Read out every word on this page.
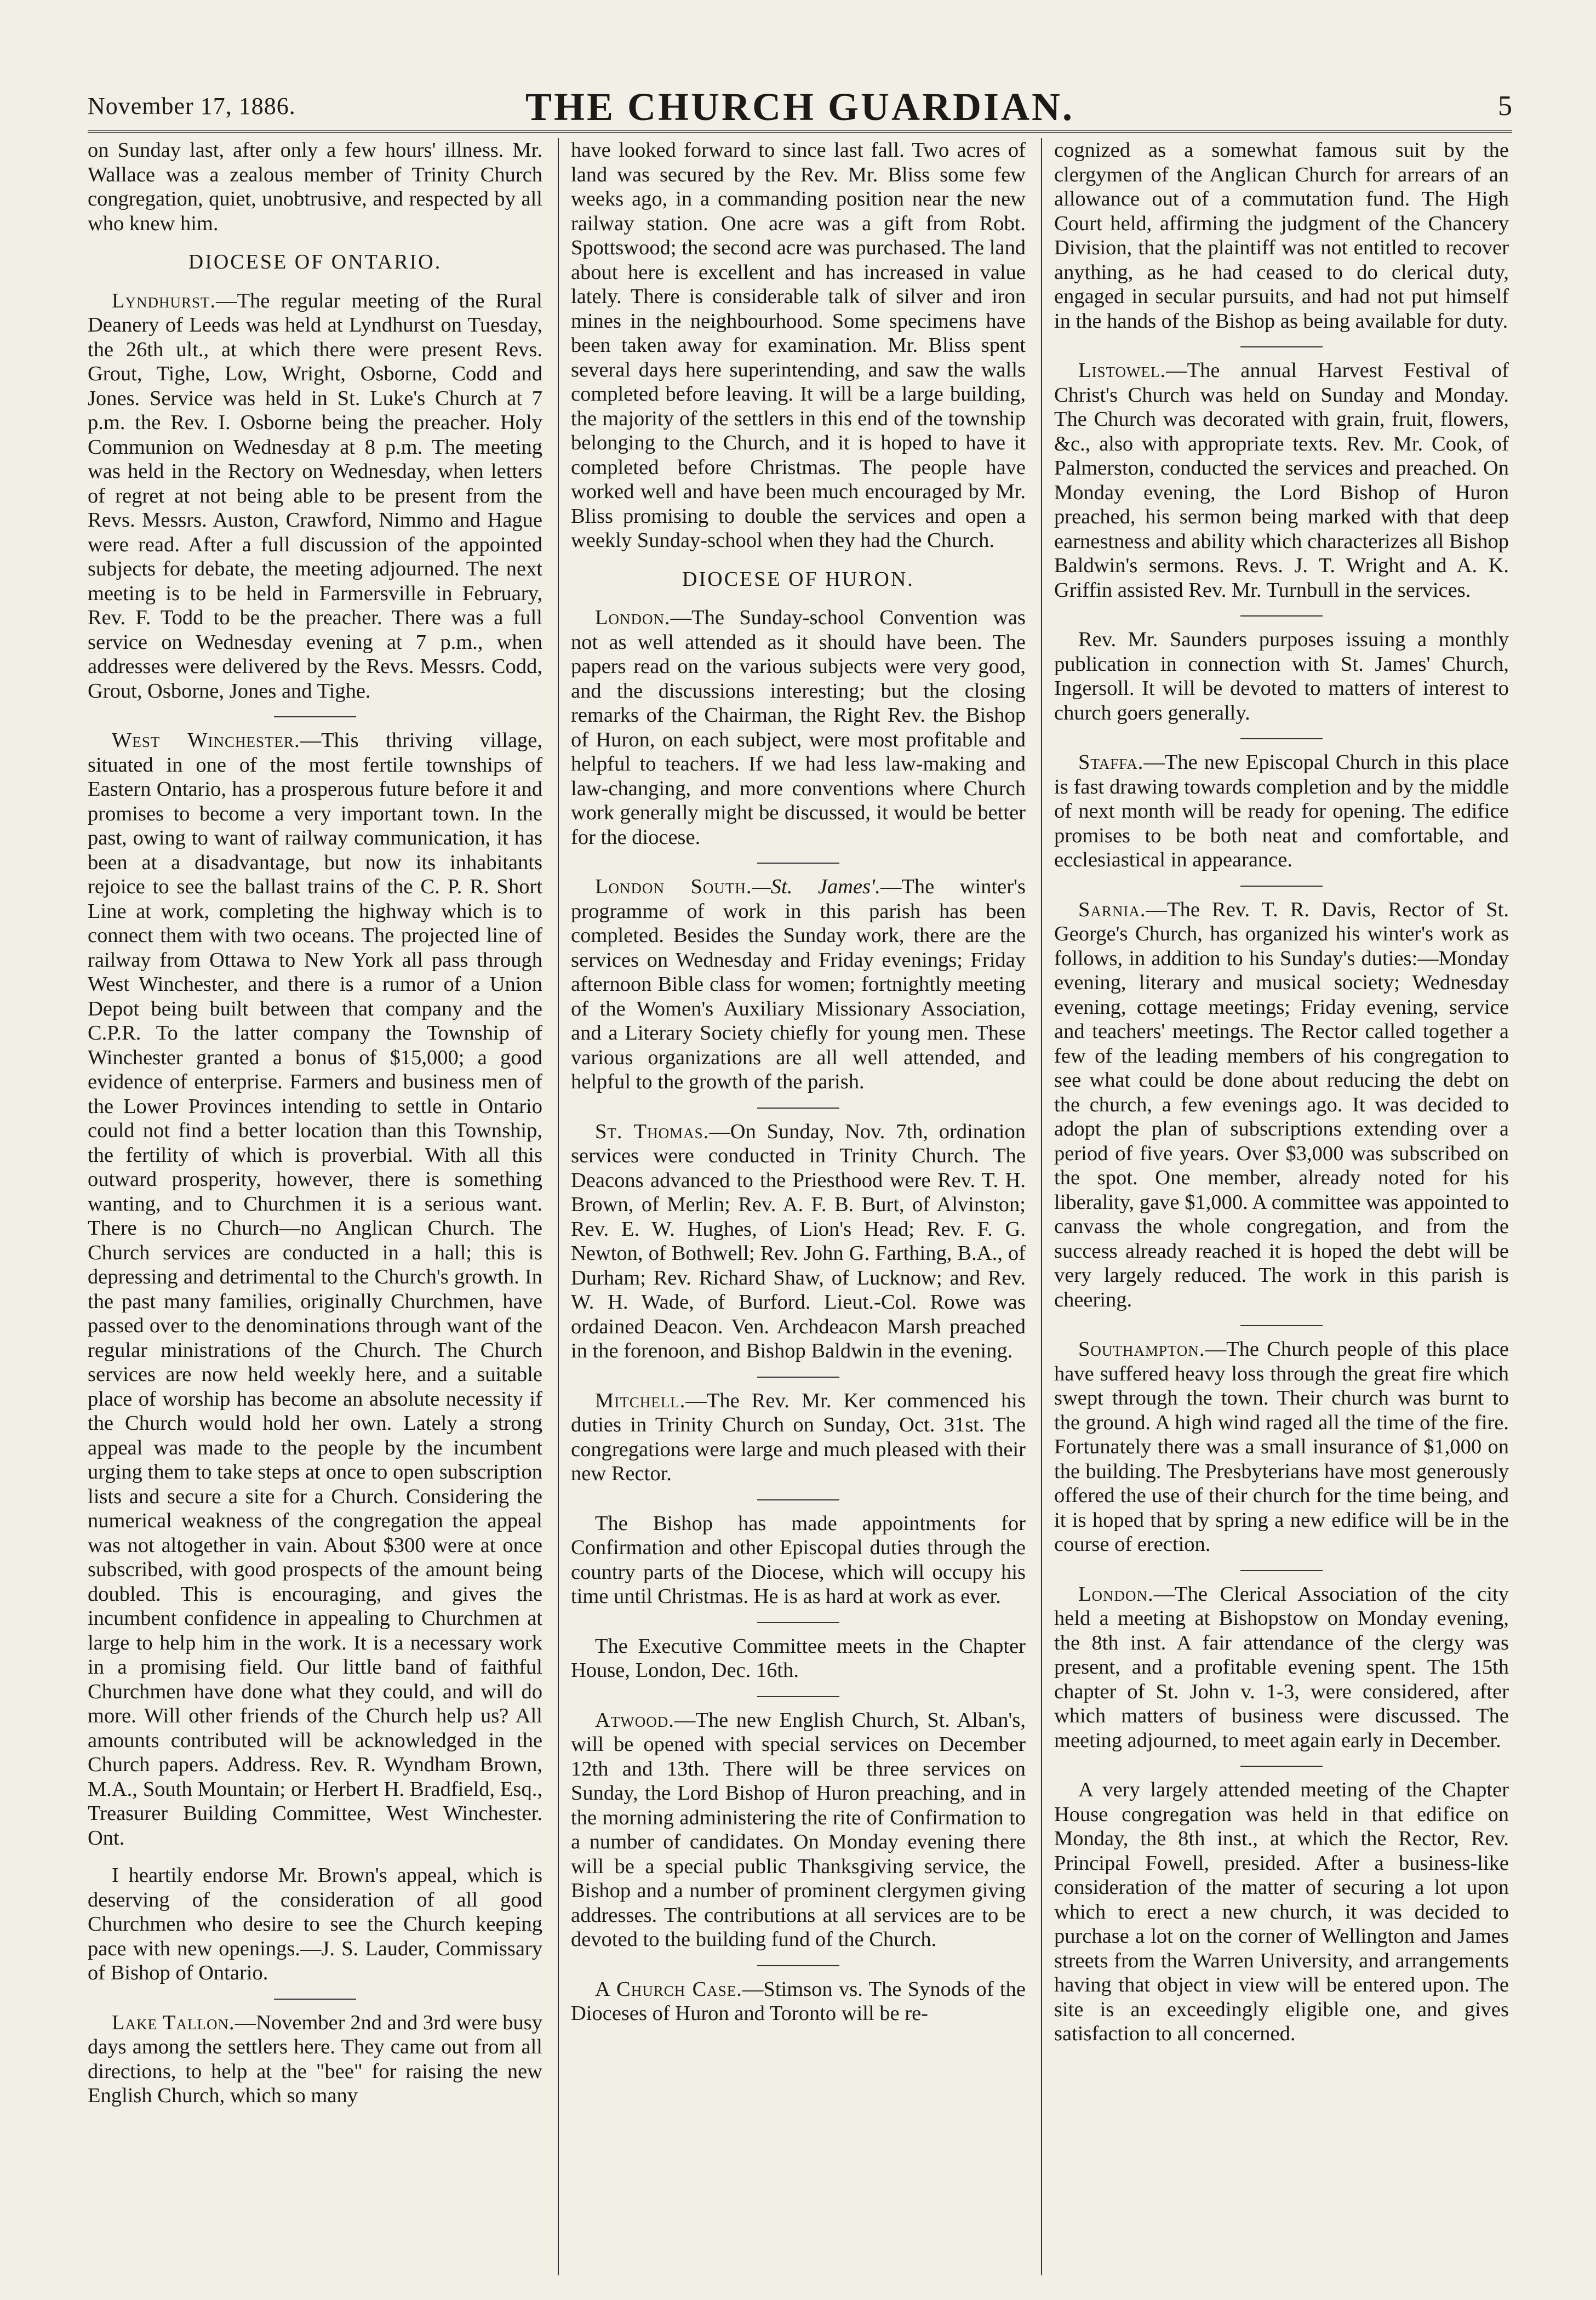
November 17, 1886.	THE CHURCH GUARDIAN.	5

on Sunday last, after only a few hours' illness. Mr. Wallace was a zealous member of Trinity Church congregation, quiet, unobtrusive, and respected by all who knew him.

DIOCESE OF ONTARIO.

Lyndhurst.—The regular meeting of the Rural Deanery of Leeds was held at Lyndhurst on Tuesday, the 26th ult., at which there were present Revs. Grout, Tighe, Low, Wright, Osborne, Codd and Jones. Service was held in St. Luke's Church at 7 p.m. the Rev. I. Osborne being the preacher. Holy Communion on Wednesday at 8 p.m. The meeting was held in the Rectory on Wednesday, when letters of regret at not being able to be present from the Revs. Messrs. Auston, Crawford, Nimmo and Hague were read. After a full discussion of the appointed subjects for debate, the meeting adjourned. The next meeting is to be held in Farmersville in February, Rev. F. Todd to be the preacher. There was a full service on Wednesday evening at 7 p.m., when addresses were delivered by the Revs. Messrs. Codd, Grout, Osborne, Jones and Tighe.

West Winchester.—This thriving village, situated in one of the most fertile townships of Eastern Ontario, has a prosperous future before it and promises to become a very important town. In the past, owing to want of railway communication, it has been at a disadvantage, but now its inhabitants rejoice to see the ballast trains of the C. P. R. Short Line at work, completing the highway which is to connect them with two oceans. The projected line of railway from Ottawa to New York all pass through West Winchester, and there is a rumor of a Union Depot being built between that company and the C.P.R. To the latter company the Township of Winchester granted a bonus of $15,000; a good evidence of enterprise. Farmers and business men of the Lower Provinces intending to settle in Ontario could not find a better location than this Township, the fertility of which is proverbial. With all this outward prosperity, however, there is something wanting, and to Churchmen it is a serious want. There is no Church—no Anglican Church. The Church services are conducted in a hall; this is depressing and detrimental to the Church's growth. In the past many families, originally Churchmen, have passed over to the denominations through want of the regular ministrations of the Church. The Church services are now held weekly here, and a suitable place of worship has become an absolute necessity if the Church would hold her own. Lately a strong appeal was made to the people by the incumbent urging them to take steps at once to open subscription lists and secure a site for a Church. Considering the numerical weakness of the congregation the appeal was not altogether in vain. About $300 were at once subscribed, with good prospects of the amount being doubled. This is encouraging, and gives the incumbent confidence in appealing to Churchmen at large to help him in the work. It is a necessary work in a promising field. Our little band of faithful Churchmen have done what they could, and will do more. Will other friends of the Church help us? All amounts contributed will be acknowledged in the Church papers. Address. Rev. R. Wyndham Brown, M.A., South Mountain; or Herbert H. Bradfield, Esq., Treasurer Building Committee, West Winchester. Ont.

I heartily endorse Mr. Brown's appeal, which is deserving of the consideration of all good Churchmen who desire to see the Church keeping pace with new openings.—J. S. Lauder, Commissary of Bishop of Ontario.

Lake Tallon.—November 2nd and 3rd were busy days among the settlers here. They came out from all directions, to help at the "bee" for raising the new English Church, which so many

have looked forward to since last fall. Two acres of land was secured by the Rev. Mr. Bliss some few weeks ago, in a commanding position near the new railway station. One acre was a gift from Robt. Spottswood; the second acre was purchased. The land about here is excellent and has increased in value lately. There is considerable talk of silver and iron mines in the neighbourhood. Some specimens have been taken away for examination. Mr. Bliss spent several days here superintending, and saw the walls completed before leaving. It will be a large building, the majority of the settlers in this end of the township belonging to the Church, and it is hoped to have it completed before Christmas. The people have worked well and have been much encouraged by Mr. Bliss promising to double the services and open a weekly Sunday-school when they had the Church.

DIOCESE OF HURON.

London.—The Sunday-school Convention was not as well attended as it should have been. The papers read on the various subjects were very good, and the discussions interesting; but the closing remarks of the Chairman, the Right Rev. the Bishop of Huron, on each subject, were most profitable and helpful to teachers. If we had less law-making and law-changing, and more conventions where Church work generally might be discussed, it would be better for the diocese.

London South.—St. James'.—The winter's programme of work in this parish has been completed. Besides the Sunday work, there are the services on Wednesday and Friday evenings; Friday afternoon Bible class for women; fortnightly meeting of the Women's Auxiliary Missionary Association, and a Literary Society chiefly for young men. These various organizations are all well attended, and helpful to the growth of the parish.

St. Thomas.—On Sunday, Nov. 7th, ordination services were conducted in Trinity Church. The Deacons advanced to the Priesthood were Rev. T. H. Brown, of Merlin; Rev. A. F. B. Burt, of Alvinston; Rev. E. W. Hughes, of Lion's Head; Rev. F. G. Newton, of Bothwell; Rev. John G. Farthing, B.A., of Durham; Rev. Richard Shaw, of Lucknow; and Rev. W. H. Wade, of Burford. Lieut.-Col. Rowe was ordained Deacon. Ven. Archdeacon Marsh preached in the forenoon, and Bishop Baldwin in the evening.

Mitchell.—The Rev. Mr. Ker commenced his duties in Trinity Church on Sunday, Oct. 31st. The congregations were large and much pleased with their new Rector.

The Bishop has made appointments for Confirmation and other Episcopal duties through the country parts of the Diocese, which will occupy his time until Christmas. He is as hard at work as ever.

The Executive Committee meets in the Chapter House, London, Dec. 16th.

Atwood.—The new English Church, St. Alban's, will be opened with special services on December 12th and 13th. There will be three services on Sunday, the Lord Bishop of Huron preaching, and in the morning administering the rite of Confirmation to a number of candidates. On Monday evening there will be a special public Thanksgiving service, the Bishop and a number of prominent clergymen giving addresses. The contributions at all services are to be devoted to the building fund of the Church.

A Church Case.—Stimson vs. The Synods of the Dioceses of Huron and Toronto will be re-

cognized as a somewhat famous suit by the clergymen of the Anglican Church for arrears of an allowance out of a commutation fund. The High Court held, affirming the judgment of the Chancery Division, that the plaintiff was not entitled to recover anything, as he had ceased to do clerical duty, engaged in secular pursuits, and had not put himself in the hands of the Bishop as being available for duty.

Listowel.—The annual Harvest Festival of Christ's Church was held on Sunday and Monday. The Church was decorated with grain, fruit, flowers, &c., also with appropriate texts. Rev. Mr. Cook, of Palmerston, conducted the services and preached. On Monday evening, the Lord Bishop of Huron preached, his sermon being marked with that deep earnestness and ability which characterizes all Bishop Baldwin's sermons. Revs. J. T. Wright and A. K. Griffin assisted Rev. Mr. Turnbull in the services.

Rev. Mr. Saunders purposes issuing a monthly publication in connection with St. James' Church, Ingersoll. It will be devoted to matters of interest to church goers generally.

Staffa.—The new Episcopal Church in this place is fast drawing towards completion and by the middle of next month will be ready for opening. The edifice promises to be both neat and comfortable, and ecclesiastical in appearance.

Sarnia.—The Rev. T. R. Davis, Rector of St. George's Church, has organized his winter's work as follows, in addition to his Sunday's duties:—Monday evening, literary and musical society; Wednesday evening, cottage meetings; Friday evening, service and teachers' meetings. The Rector called together a few of the leading members of his congregation to see what could be done about reducing the debt on the church, a few evenings ago. It was decided to adopt the plan of subscriptions extending over a period of five years. Over $3,000 was subscribed on the spot. One member, already noted for his liberality, gave $1,000. A committee was appointed to canvass the whole congregation, and from the success already reached it is hoped the debt will be very largely reduced. The work in this parish is cheering.

Southampton.—The Church people of this place have suffered heavy loss through the great fire which swept through the town. Their church was burnt to the ground. A high wind raged all the time of the fire. Fortunately there was a small insurance of $1,000 on the building. The Presbyterians have most generously offered the use of their church for the time being, and it is hoped that by spring a new edifice will be in the course of erection.

London.—The Clerical Association of the city held a meeting at Bishopstow on Monday evening, the 8th inst. A fair attendance of the clergy was present, and a profitable evening spent. The 15th chapter of St. John v. 1-3, were considered, after which matters of business were discussed. The meeting adjourned, to meet again early in December.

A very largely attended meeting of the Chapter House congregation was held in that edifice on Monday, the 8th inst., at which the Rector, Rev. Principal Fowell, presided. After a business-like consideration of the matter of securing a lot upon which to erect a new church, it was decided to purchase a lot on the corner of Wellington and James streets from the Warren University, and arrangements having that object in view will be entered upon. The site is an exceedingly eligible one, and gives satisfaction to all concerned.
